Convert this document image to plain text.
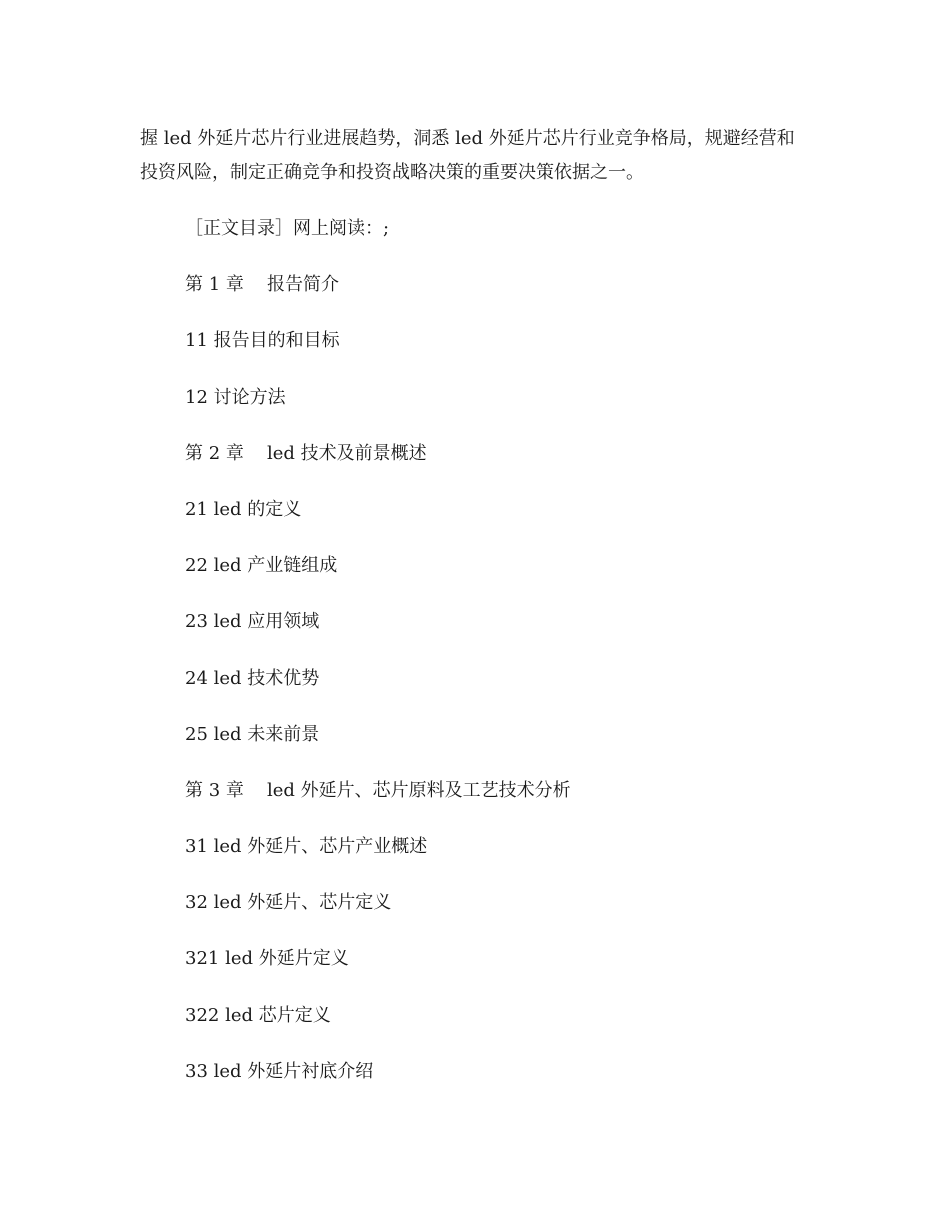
握 led 外延片芯片行业进展趋势，洞悉 led 外延片芯片行业竞争格局，规避经营和

投资风险，制定正确竞争和投资战略决策的重要决策依据之一。

［正文目录］网上阅读：;
第 1 章 报告简介
11 报告目的和目标
12 讨论方法
第 2 章 led 技术及前景概述
21 led 的定义
22 led 产业链组成
23 led 应用领域
24 led 技术优势
25 led 未来前景
第 3 章 led 外延片、芯片原料及工艺技术分析
31 led 外延片、芯片产业概述
32 led 外延片、芯片定义
321 led 外延片定义
322 led 芯片定义
33 led 外延片衬底介绍
